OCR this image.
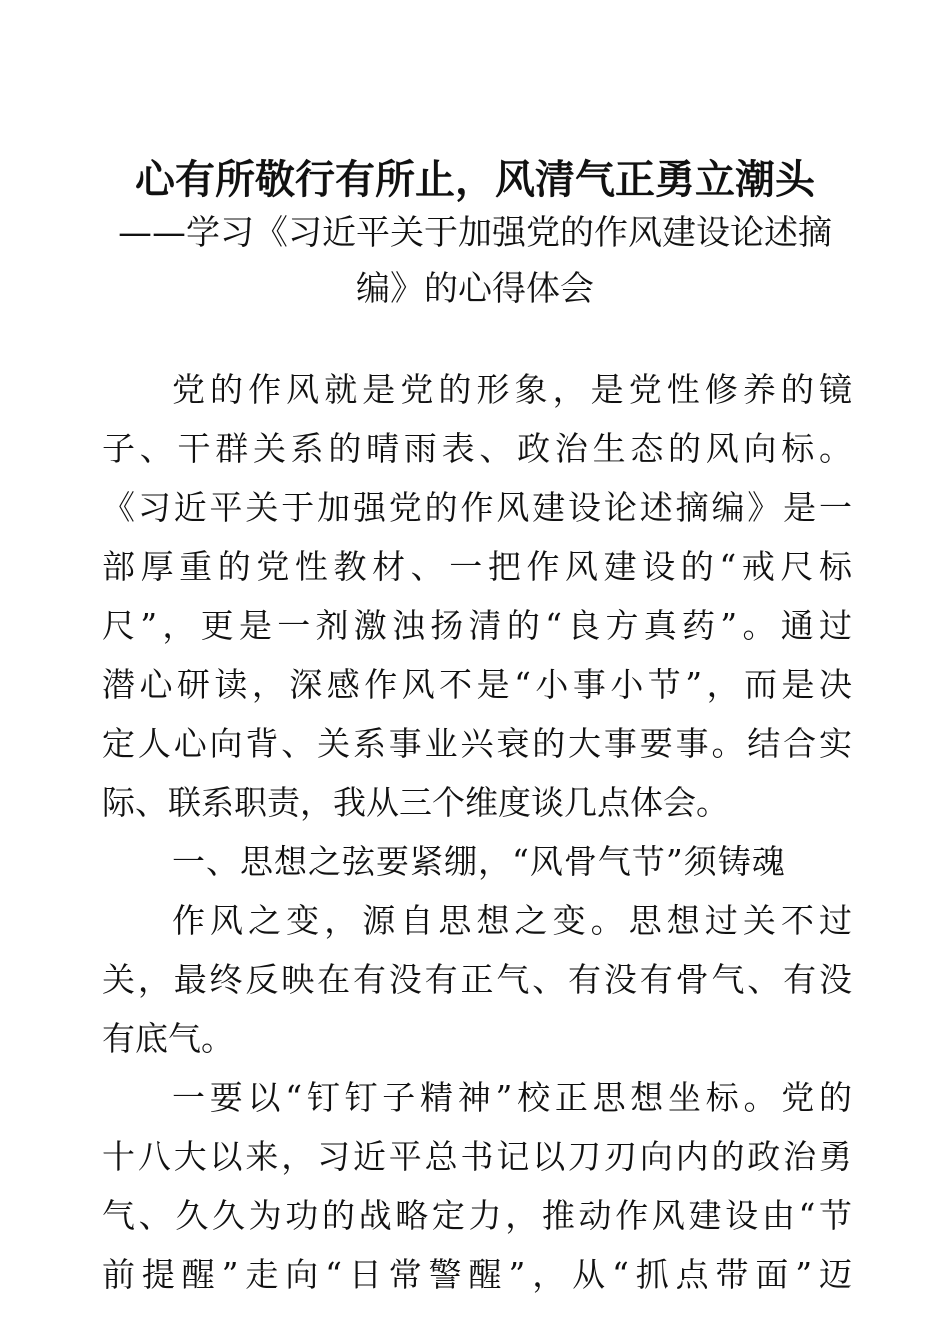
心有所敬行有所止，风清气正勇立潮头
——学习《习近平关于加强党的作风建设论述摘
编》的心得体会
党的作风就是党的形象，是党性修养的镜
子、干群关系的晴雨表、政治生态的风向标。
《习近平关于加强党的作风建设论述摘编》是一
部厚重的党性教材、一把作风建设的“戒尺标
尺”，更是一剂激浊扬清的“良方真药”。通过
潜心研读，深感作风不是“小事小节”，而是决
定人心向背、关系事业兴衰的大事要事。结合实
际、联系职责，我从三个维度谈几点体会。
一、思想之弦要紧绷，“风骨气节”须铸魂
作风之变，源自思想之变。思想过关不过
关，最终反映在有没有正气、有没有骨气、有没
有底气。
一要以“钉钉子精神”校正思想坐标。党的
十八大以来，习近平总书记以刀刃向内的政治勇
气、久久为功的战略定力，推动作风建设由“节
前提醒”走向“日常警醒”，从“抓点带面”迈
